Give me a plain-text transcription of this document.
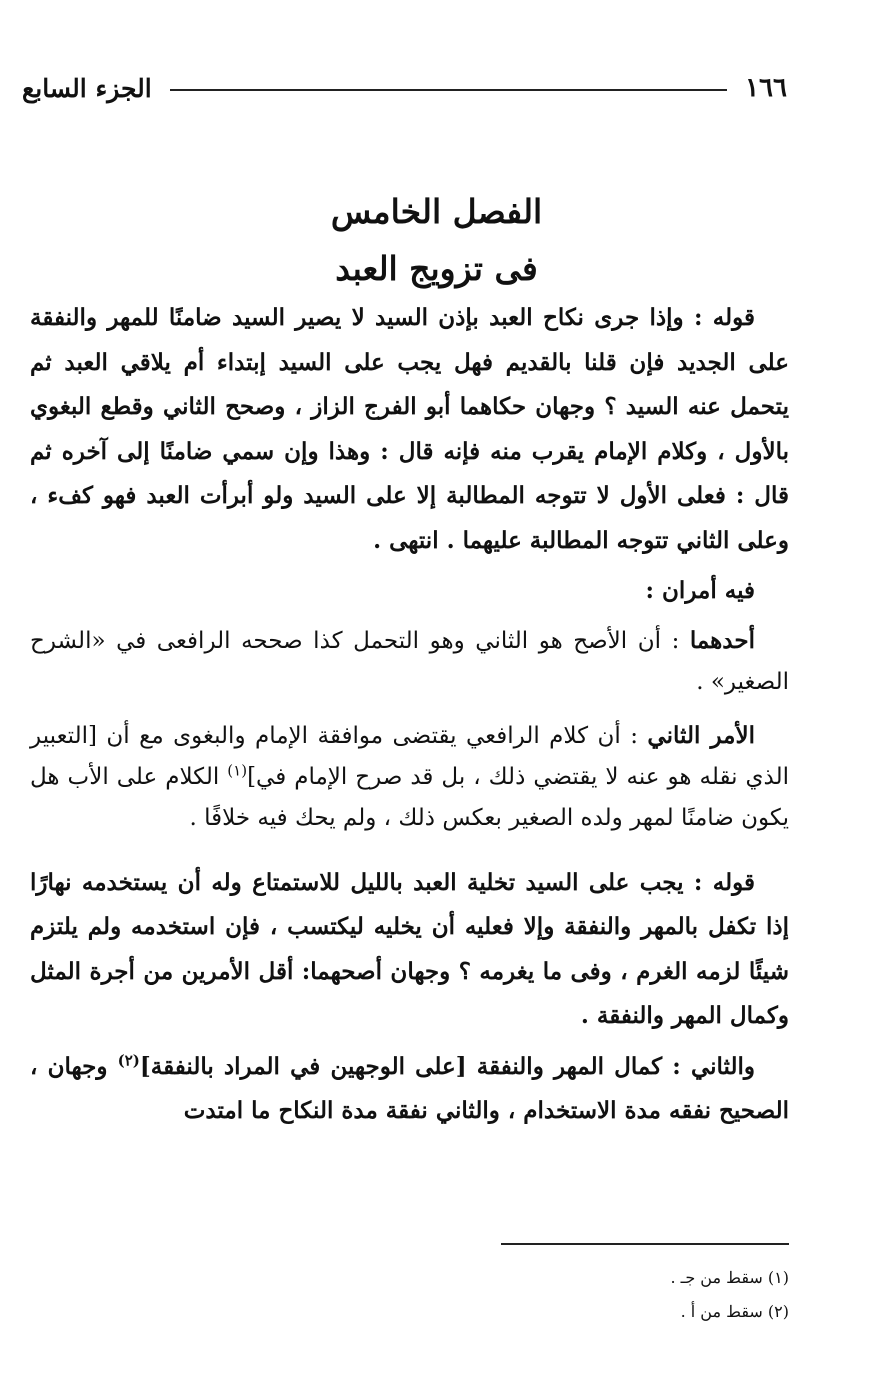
١٦٦
الجزء السابع
الفصل الخامس
فى تزويج العبد

قوله : وإذا جرى نكاح العبد بإذن السيد لا يصير السيد ضامنًا للمهر والنفقة على الجديد فإن قلنا بالقديم فهل يجب على السيد إبتداء أم يلاقي العبد ثم يتحمل عنه السيد ؟ وجهان حكاهما أبو الفرج الزاز ، وصحح الثاني وقطع البغوي بالأول ، وكلام الإمام يقرب منه فإنه قال : وهذا وإن سمي ضامنًا إلى آخره ثم قال : فعلى الأول لا تتوجه المطالبة إلا على السيد ولو أبرأت العبد فهو كفء ، وعلى الثاني تتوجه المطالبة عليهما . انتهى .

فيه أمران :

أحدهما : أن الأصح هو الثاني وهو التحمل كذا صححه الرافعى في «الشرح الصغير» .

الأمر الثاني : أن كلام الرافعي يقتضى موافقة الإمام والبغوى مع أن [التعبير الذي نقله هو عنه لا يقتضي ذلك ، بل قد صرح الإمام في]$^{(١)}$ الكلام على الأب هل يكون ضامنًا لمهر ولده الصغير بعكس ذلك ، ولم يحك فيه خلافًا .

قوله : يجب على السيد تخلية العبد بالليل للاستمتاع وله أن يستخدمه نهارًا إذا تكفل بالمهر والنفقة وإلا فعليه أن يخليه ليكتسب ، فإن استخدمه ولم يلتزم شيئًا لزمه الغرم ، وفى ما يغرمه ؟ وجهان أصحهما: أقل الأمرين من أجرة المثل وكمال المهر والنفقة .

والثاني : كمال المهر والنفقة [على الوجهين في المراد بالنفقة]$^{(٢)}$ وجهان ، الصحيح نفقه مدة الاستخدام ، والثاني نفقة مدة النكاح ما امتدت

(١) سقط من جـ .
(٢) سقط من أ .
